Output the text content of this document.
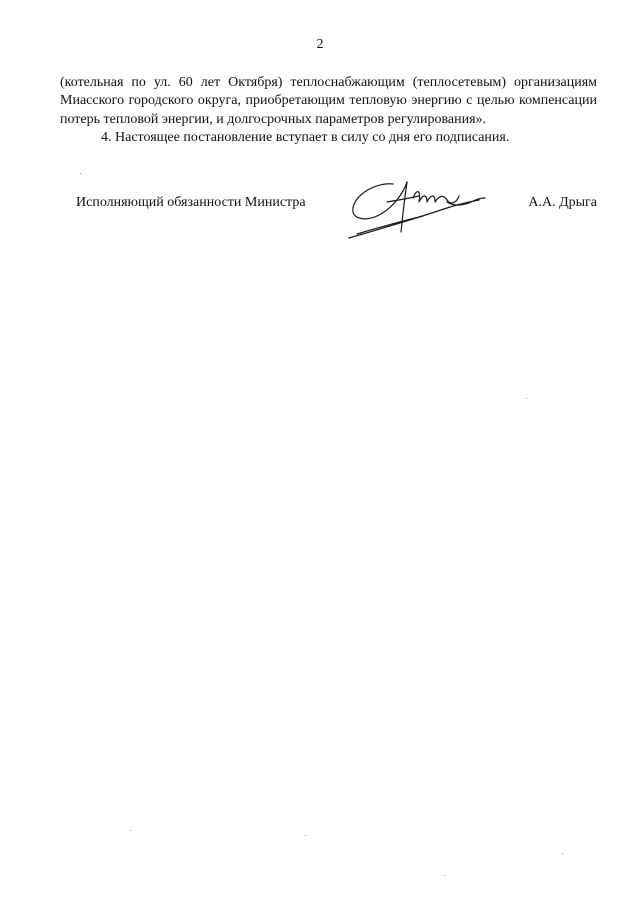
2

(котельная по ул. 60 лет Октября) теплоснабжающим (теплосетевым) организациям Миасского городского округа, приобретающим тепловую энергию с целью компенсации потерь тепловой энергии, и долгосрочных параметров регулирования».

4. Настоящее постановление вступает в силу со дня его подписания.

Исполняющий обязанности Министра	А.А. Дрыга
